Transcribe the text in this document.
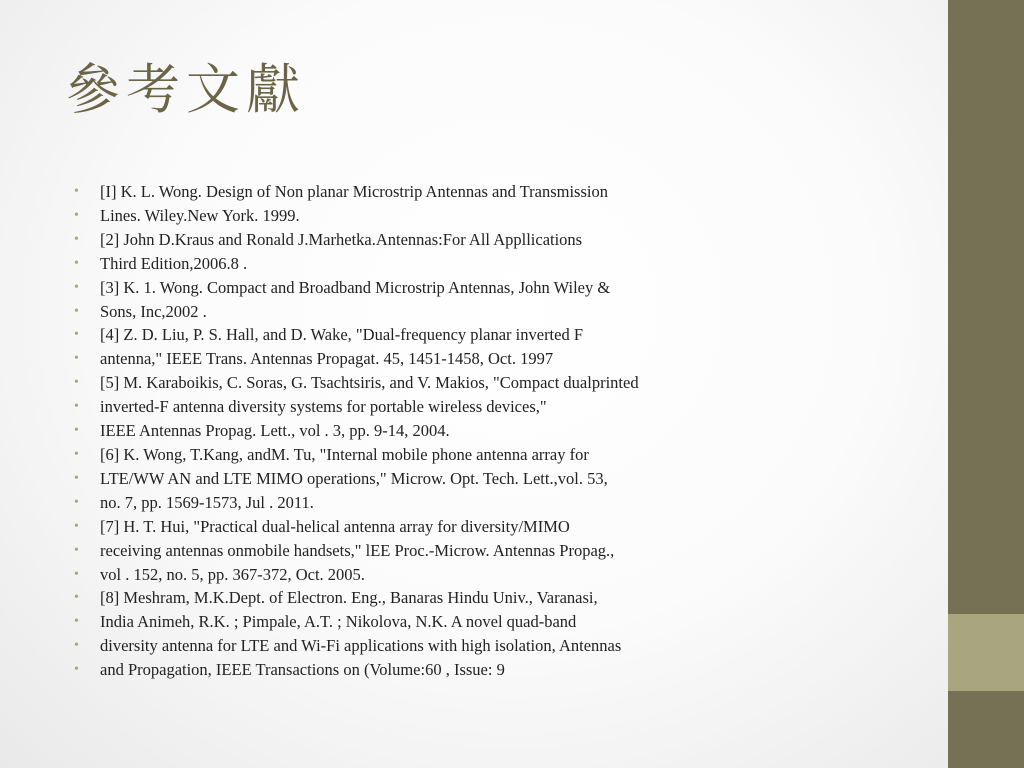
參考文獻
• [I] K. L. Wong. Design of Non planar Microstrip Antennas and Transmission
• Lines. Wiley.New York. 1999.
• [2] John D.Kraus and Ronald J.Marhetka.Antennas:For All Appllications
• Third Edition,2006.8 .
• [3] K. 1. Wong. Compact and Broadband Microstrip Antennas, John Wiley &
• Sons, Inc,2002 .
• [4] Z. D. Liu, P. S. Hall, and D. Wake, "Dual-frequency planar inverted F
• antenna," IEEE Trans. Antennas Propagat. 45, 1451-1458, Oct. 1997
• [5] M. Karaboikis, C. Soras, G. Tsachtsiris, and V. Makios, "Compact dualprinted
• inverted-F antenna diversity systems for portable wireless devices,"
• IEEE Antennas Propag. Lett., vol . 3, pp. 9-14, 2004.
• [6] K. Wong, T.Kang, andM. Tu, "Internal mobile phone antenna array for
• LTE/WW AN and LTE MIMO operations," Microw. Opt. Tech. Lett.,vol. 53,
• no. 7, pp. 1569-1573, Jul . 2011.
• [7] H. T. Hui, "Practical dual-helical antenna array for diversity/MIMO
• receiving antennas onmobile handsets," lEE Proc.-Microw. Antennas Propag.,
• vol . 152, no. 5, pp. 367-372, Oct. 2005.
• [8] Meshram, M.K.Dept. of Electron. Eng., Banaras Hindu Univ., Varanasi,
• India Animeh, R.K. ; Pimpale, A.T. ; Nikolova, N.K. A novel quad-band
• diversity antenna for LTE and Wi-Fi applications with high isolation, Antennas
• and Propagation, IEEE Transactions on (Volume:60 , Issue: 9
